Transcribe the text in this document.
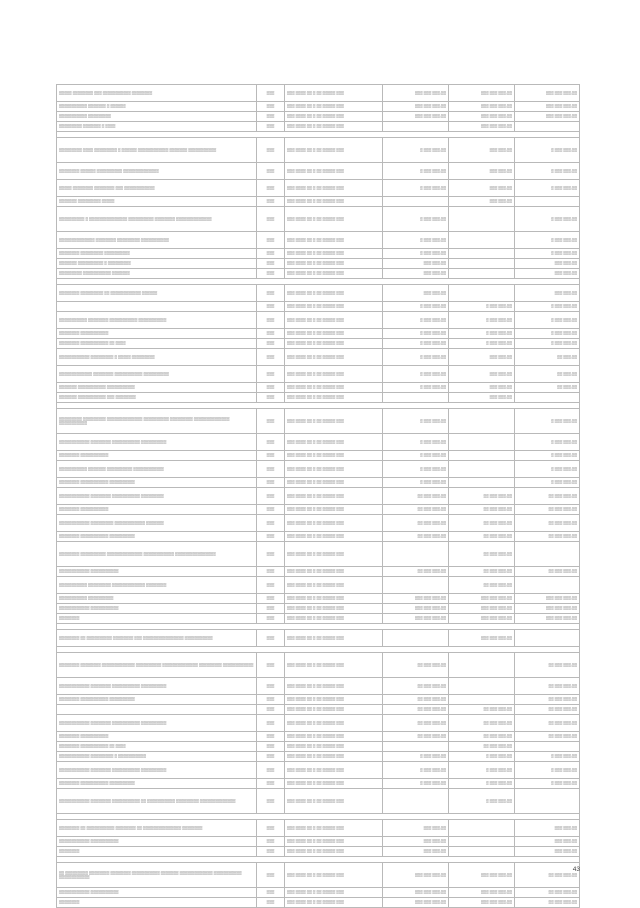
▒▒▒▒▒ ▒▒▒▒▒▒▒▒ ▒▒▒ ▒▒▒▒▒▒▒▒▒▒▒ ▒▒▒▒▒▒▒▒	▒▒▒	▒▒▒ ▒▒▒▒ ▒▒ ▒ ▒▒ ▒▒▒▒▒ ▒▒▒	▒▒▒ ▒▒▒ ▒▒▒,▒▒	▒▒▒ ▒▒▒ ▒▒▒,▒▒	▒▒▒ ▒▒▒ ▒▒▒,▒▒
▒▒▒▒▒▒▒▒▒▒▒ ▒▒▒▒▒▒▒ ▒ ▒▒▒▒▒▒	▒▒▒	▒▒▒ ▒▒▒▒ ▒▒ ▒ ▒▒ ▒▒▒▒▒ ▒▒▒	▒▒▒ ▒▒▒ ▒▒▒,▒▒	▒▒▒ ▒▒▒ ▒▒▒,▒▒	▒▒▒ ▒▒▒ ▒▒▒,▒▒
▒▒▒▒▒▒▒▒▒▒▒ ▒▒▒▒▒▒▒▒▒	▒▒▒	▒▒▒ ▒▒▒▒ ▒▒ ▒ ▒▒ ▒▒▒▒▒ ▒▒▒	▒▒▒ ▒▒▒ ▒▒▒,▒▒	▒▒▒ ▒▒▒ ▒▒▒,▒▒	▒▒▒ ▒▒▒ ▒▒▒,▒▒
▒▒▒▒▒▒▒▒▒ ▒▒▒▒▒▒▒ ▒ ▒▒▒▒	▒▒▒	▒▒▒ ▒▒▒▒ ▒▒ ▒ ▒▒ ▒▒▒▒▒ ▒▒▒		▒▒▒ ▒▒▒ ▒▒▒,▒▒	

▒▒▒▒▒▒▒▒▒ ▒▒▒▒ ▒▒▒▒▒▒▒▒▒ ▒ ▒▒▒▒▒▒ ▒▒▒▒▒▒▒▒▒▒▒▒ ▒▒▒▒▒▒▒ ▒▒▒▒▒▒▒▒▒▒▒	▒▒▒	▒▒▒ ▒▒▒▒ ▒▒ ▒ ▒▒ ▒▒▒▒▒ ▒▒▒	▒ ▒▒▒ ▒▒▒,▒▒	▒▒▒ ▒▒▒,▒▒	▒ ▒▒▒ ▒▒▒,▒▒
▒▒▒▒▒▒▒▒ ▒▒▒▒▒▒ ▒▒▒▒▒▒▒▒▒▒ ▒▒▒▒▒▒▒▒▒▒▒▒▒▒	▒▒▒	▒▒▒ ▒▒▒▒ ▒▒ ▒ ▒▒ ▒▒▒▒▒ ▒▒▒	▒ ▒▒▒ ▒▒▒,▒▒	▒▒▒ ▒▒▒,▒▒	▒ ▒▒▒ ▒▒▒,▒▒
▒▒▒▒▒ ▒▒▒▒▒▒▒▒ ▒▒▒▒▒▒▒▒ ▒▒▒ ▒▒▒▒▒▒▒▒▒▒▒▒	▒▒▒	▒▒▒ ▒▒▒▒ ▒▒ ▒ ▒▒ ▒▒▒▒▒ ▒▒▒	▒ ▒▒▒ ▒▒▒,▒▒	▒▒▒ ▒▒▒,▒▒	▒ ▒▒▒ ▒▒▒,▒▒
▒▒▒▒▒▒▒ ▒▒▒▒▒▒▒▒▒ ▒▒▒▒▒	▒▒▒	▒▒▒ ▒▒▒▒ ▒▒ ▒ ▒▒ ▒▒▒▒▒ ▒▒▒		▒▒▒ ▒▒▒,▒▒	
▒▒▒▒▒▒▒▒▒▒ ▒ ▒▒▒▒▒▒▒▒▒▒▒▒▒▒▒ ▒▒▒▒▒▒▒▒▒▒ ▒▒▒▒▒▒▒▒ ▒▒▒▒▒▒▒▒▒▒▒▒▒▒	▒▒▒	▒▒▒ ▒▒▒▒ ▒▒ ▒ ▒▒ ▒▒▒▒▒ ▒▒▒	▒ ▒▒▒ ▒▒▒,▒▒		▒ ▒▒▒ ▒▒▒,▒▒
▒▒▒▒▒▒▒▒▒▒▒▒▒▒ ▒▒▒▒▒▒▒▒ ▒▒▒▒▒▒▒▒▒ ▒▒▒▒▒▒▒▒▒▒▒	▒▒▒	▒▒▒ ▒▒▒▒ ▒▒ ▒ ▒▒ ▒▒▒▒▒ ▒▒▒	▒ ▒▒▒ ▒▒▒,▒▒		▒ ▒▒▒ ▒▒▒,▒▒
▒▒▒▒▒▒▒▒ ▒▒▒▒▒▒▒▒▒ ▒▒▒▒▒▒▒▒▒▒	▒▒▒	▒▒▒ ▒▒▒▒ ▒▒ ▒ ▒▒ ▒▒▒▒▒ ▒▒▒	▒ ▒▒▒ ▒▒▒,▒▒		▒ ▒▒▒ ▒▒▒,▒▒
▒▒▒▒▒▒▒ ▒▒▒▒▒▒▒▒▒▒ ▒ ▒▒▒▒▒▒▒▒▒	▒▒▒	▒▒▒ ▒▒▒▒ ▒▒ ▒ ▒▒ ▒▒▒▒▒ ▒▒▒	▒▒▒ ▒▒▒,▒▒		▒▒▒ ▒▒▒,▒▒
▒▒▒▒▒▒▒▒▒ ▒▒▒▒▒▒▒▒▒▒▒ ▒▒▒▒▒▒▒	▒▒▒	▒▒▒ ▒▒▒▒ ▒▒ ▒ ▒▒ ▒▒▒▒▒ ▒▒▒	▒▒▒ ▒▒▒,▒▒		▒▒▒ ▒▒▒,▒▒

▒▒▒▒▒▒▒▒ ▒▒▒▒▒▒▒▒▒ ▒▒ ▒▒▒▒▒▒▒▒▒▒▒▒ ▒▒▒▒▒▒	▒▒▒	▒▒▒ ▒▒▒▒ ▒▒ ▒ ▒▒ ▒▒▒▒▒ ▒▒▒	▒▒▒ ▒▒▒,▒▒		▒▒▒ ▒▒▒,▒▒
	▒▒▒	▒▒▒ ▒▒▒▒ ▒▒ ▒ ▒▒ ▒▒▒▒▒ ▒▒▒	▒ ▒▒▒ ▒▒▒,▒▒	▒ ▒▒▒ ▒▒▒,▒▒	▒ ▒▒▒ ▒▒▒,▒▒
▒▒▒▒▒▒▒▒▒▒▒ ▒▒▒▒▒▒▒▒ ▒▒▒▒▒▒▒▒▒▒▒ ▒▒▒▒▒▒▒▒▒▒▒	▒▒▒	▒▒▒ ▒▒▒▒ ▒▒ ▒ ▒▒ ▒▒▒▒▒ ▒▒▒	▒ ▒▒▒ ▒▒▒,▒▒	▒ ▒▒▒ ▒▒▒,▒▒	▒ ▒▒▒ ▒▒▒,▒▒
▒▒▒▒▒▒▒▒ ▒▒▒▒▒▒▒▒▒▒▒	▒▒▒	▒▒▒ ▒▒▒▒ ▒▒ ▒ ▒▒ ▒▒▒▒▒ ▒▒▒	▒ ▒▒▒ ▒▒▒,▒▒	▒ ▒▒▒ ▒▒▒,▒▒	▒ ▒▒▒ ▒▒▒,▒▒
▒▒▒▒▒▒▒▒ ▒▒▒▒▒▒▒▒▒▒▒ ▒▒ ▒▒▒▒	▒▒▒	▒▒▒ ▒▒▒▒ ▒▒ ▒ ▒▒ ▒▒▒▒▒ ▒▒▒	▒ ▒▒▒ ▒▒▒,▒▒	▒ ▒▒▒ ▒▒▒,▒▒	▒ ▒▒▒ ▒▒▒,▒▒
▒▒▒▒▒▒▒▒▒▒▒▒ ▒▒▒▒▒▒▒▒▒ ▒ ▒▒▒▒▒ ▒▒▒▒▒▒▒▒▒	▒▒▒	▒▒▒ ▒▒▒▒ ▒▒ ▒ ▒▒ ▒▒▒▒▒ ▒▒▒	▒ ▒▒▒ ▒▒▒,▒▒	▒▒▒ ▒▒▒,▒▒	▒▒ ▒▒▒,▒▒
▒▒▒▒▒▒▒▒▒▒▒▒▒ ▒▒▒▒▒▒▒▒ ▒▒▒▒▒▒▒▒▒▒▒ ▒▒▒▒▒▒▒▒▒▒	▒▒▒	▒▒▒ ▒▒▒▒ ▒▒ ▒ ▒▒ ▒▒▒▒▒ ▒▒▒	▒ ▒▒▒ ▒▒▒,▒▒	▒▒▒ ▒▒▒,▒▒	▒▒ ▒▒▒,▒▒
▒▒▒▒▒▒▒ ▒▒▒▒▒▒▒▒▒▒▒ ▒▒▒▒▒▒▒▒▒▒▒	▒▒▒	▒▒▒ ▒▒▒▒ ▒▒ ▒ ▒▒ ▒▒▒▒▒ ▒▒▒	▒ ▒▒▒ ▒▒▒,▒▒	▒▒▒ ▒▒▒,▒▒	▒▒ ▒▒▒,▒▒
▒▒▒▒▒▒▒ ▒▒▒▒▒▒▒▒▒▒▒ ▒▒▒ ▒▒▒▒▒▒▒▒	▒▒▒	▒▒▒ ▒▒▒▒ ▒▒ ▒ ▒▒ ▒▒▒▒▒ ▒▒▒		▒▒▒ ▒▒▒,▒▒	

▒▒▒▒▒▒▒▒▒ ▒▒▒▒▒▒▒▒▒ ▒▒▒▒▒▒▒▒▒▒▒▒▒▒ ▒▒▒▒▒▒▒▒▒▒ ▒▒▒▒▒▒▒▒▒ ▒▒▒▒▒▒▒▒▒▒▒▒▒▒ ▒▒▒▒▒▒▒▒▒▒▒	▒▒▒	▒▒▒ ▒▒▒▒ ▒▒ ▒ ▒▒ ▒▒▒▒▒ ▒▒▒	▒ ▒▒▒ ▒▒▒,▒▒		▒ ▒▒▒ ▒▒▒,▒▒
▒▒▒▒▒▒▒▒▒▒▒▒ ▒▒▒▒▒▒▒▒ ▒▒▒▒▒▒▒▒▒▒▒ ▒▒▒▒▒▒▒▒▒▒	▒▒▒	▒▒▒ ▒▒▒▒ ▒▒ ▒ ▒▒ ▒▒▒▒▒ ▒▒▒	▒ ▒▒▒ ▒▒▒,▒▒		▒ ▒▒▒ ▒▒▒,▒▒
▒▒▒▒▒▒▒▒ ▒▒▒▒▒▒▒▒▒▒▒	▒▒▒	▒▒▒ ▒▒▒▒ ▒▒ ▒ ▒▒ ▒▒▒▒▒ ▒▒▒	▒ ▒▒▒ ▒▒▒,▒▒		▒ ▒▒▒ ▒▒▒,▒▒
▒▒▒▒▒▒▒▒▒▒▒ ▒▒▒▒▒▒▒ ▒▒▒▒▒▒▒▒▒▒ ▒▒▒▒▒▒▒▒▒▒▒▒	▒▒▒	▒▒▒ ▒▒▒▒ ▒▒ ▒ ▒▒ ▒▒▒▒▒ ▒▒▒	▒ ▒▒▒ ▒▒▒,▒▒		▒ ▒▒▒ ▒▒▒,▒▒
▒▒▒▒▒▒▒▒ ▒▒▒▒▒▒▒▒▒▒▒ ▒▒▒▒▒▒▒▒▒▒	▒▒▒	▒▒▒ ▒▒▒▒ ▒▒ ▒ ▒▒ ▒▒▒▒▒ ▒▒▒	▒ ▒▒▒ ▒▒▒,▒▒		▒ ▒▒▒ ▒▒▒,▒▒
▒▒▒▒▒▒▒▒▒▒▒▒ ▒▒▒▒▒▒▒▒ ▒▒▒▒▒▒▒▒▒▒▒ ▒▒▒▒▒▒▒▒▒	▒▒▒	▒▒▒ ▒▒▒▒ ▒▒ ▒ ▒▒ ▒▒▒▒▒ ▒▒▒	▒▒ ▒▒▒ ▒▒▒,▒▒	▒▒ ▒▒▒ ▒▒▒,▒▒	▒▒ ▒▒▒ ▒▒▒,▒▒
▒▒▒▒▒▒▒▒ ▒▒▒▒▒▒▒▒▒▒▒	▒▒▒	▒▒▒ ▒▒▒▒ ▒▒ ▒ ▒▒ ▒▒▒▒▒ ▒▒▒	▒▒ ▒▒▒ ▒▒▒,▒▒	▒▒ ▒▒▒ ▒▒▒,▒▒	▒▒ ▒▒▒ ▒▒▒,▒▒
▒▒▒▒▒▒▒▒▒▒▒▒ ▒▒▒▒▒▒▒▒▒ ▒▒▒▒▒▒▒▒▒▒▒▒ ▒▒▒▒▒▒▒	▒▒▒	▒▒▒ ▒▒▒▒ ▒▒ ▒ ▒▒ ▒▒▒▒▒ ▒▒▒	▒▒ ▒▒▒ ▒▒▒,▒▒	▒▒ ▒▒▒ ▒▒▒,▒▒	▒▒ ▒▒▒ ▒▒▒,▒▒
▒▒▒▒▒▒▒▒ ▒▒▒▒▒▒▒▒▒▒▒ ▒▒▒▒▒▒▒▒▒▒	▒▒▒	▒▒▒ ▒▒▒▒ ▒▒ ▒ ▒▒ ▒▒▒▒▒ ▒▒▒	▒▒ ▒▒▒ ▒▒▒,▒▒	▒▒ ▒▒▒ ▒▒▒,▒▒	▒▒ ▒▒▒ ▒▒▒,▒▒
▒▒▒▒▒▒▒▒ ▒▒▒▒▒▒▒▒▒▒ ▒▒▒▒▒▒▒▒▒▒▒▒▒▒ ▒▒▒▒▒▒▒▒▒▒▒▒ ▒▒▒▒▒▒▒▒▒▒▒▒▒▒▒▒	▒▒▒	▒▒▒ ▒▒▒▒ ▒▒ ▒ ▒▒ ▒▒▒▒▒ ▒▒▒		▒▒ ▒▒▒ ▒▒▒,▒▒	
▒▒▒▒▒▒▒▒▒▒▒▒ ▒▒▒▒▒▒▒▒▒▒▒	▒▒▒	▒▒▒ ▒▒▒▒ ▒▒ ▒ ▒▒ ▒▒▒▒▒ ▒▒▒	▒▒ ▒▒▒ ▒▒▒,▒▒	▒▒ ▒▒▒ ▒▒▒,▒▒	▒▒ ▒▒▒ ▒▒▒,▒▒
▒▒▒▒▒▒▒▒▒▒▒ ▒▒▒▒▒▒▒▒▒ ▒▒▒▒▒▒▒▒▒▒▒▒▒ ▒▒▒▒▒▒▒▒	▒▒▒	▒▒▒ ▒▒▒▒ ▒▒ ▒ ▒▒ ▒▒▒▒▒ ▒▒▒		▒▒ ▒▒▒ ▒▒▒,▒▒	
▒▒▒▒▒▒▒▒▒▒▒ ▒▒▒▒▒▒▒▒▒▒	▒▒▒	▒▒▒ ▒▒▒▒ ▒▒ ▒ ▒▒ ▒▒▒▒▒ ▒▒▒	▒▒▒ ▒▒▒ ▒▒▒,▒▒	▒▒▒ ▒▒▒ ▒▒▒,▒▒	▒▒▒ ▒▒▒ ▒▒▒,▒▒
▒▒▒▒▒▒▒▒▒▒▒▒ ▒▒▒▒▒▒▒▒▒▒▒	▒▒▒	▒▒▒ ▒▒▒▒ ▒▒ ▒ ▒▒ ▒▒▒▒▒ ▒▒▒	▒▒▒ ▒▒▒ ▒▒▒,▒▒	▒▒▒ ▒▒▒ ▒▒▒,▒▒	▒▒▒ ▒▒▒ ▒▒▒,▒▒
▒▒▒▒▒▒▒▒	▒▒▒	▒▒▒ ▒▒▒▒ ▒▒ ▒ ▒▒ ▒▒▒▒▒ ▒▒▒	▒▒▒ ▒▒▒ ▒▒▒,▒▒	▒▒▒ ▒▒▒ ▒▒▒,▒▒	▒▒▒ ▒▒▒ ▒▒▒,▒▒

▒▒▒▒▒▒▒▒ ▒▒ ▒▒▒▒▒▒▒▒▒▒ ▒▒▒▒▒▒▒▒ ▒▒▒ ▒▒▒▒▒▒▒▒▒▒▒▒▒▒▒▒ ▒▒▒▒▒▒▒▒▒▒▒	▒▒▒	▒▒▒ ▒▒▒▒ ▒▒ ▒ ▒▒ ▒▒▒▒▒ ▒▒▒		▒▒▒ ▒▒▒ ▒▒▒,▒▒	

▒▒▒▒▒▒▒▒ ▒▒▒▒▒▒▒▒ ▒▒▒▒▒▒▒▒▒▒▒▒▒ ▒▒▒▒▒▒▒▒▒▒ ▒▒▒▒▒▒▒▒▒▒▒▒▒▒ ▒▒▒▒▒▒▒▒▒ ▒▒▒▒▒▒▒▒▒▒▒▒	▒▒▒	▒▒▒ ▒▒▒▒ ▒▒ ▒ ▒▒ ▒▒▒▒▒ ▒▒▒	▒▒ ▒▒▒ ▒▒▒,▒▒		▒▒ ▒▒▒ ▒▒▒,▒▒
▒▒▒▒▒▒▒▒▒▒▒▒ ▒▒▒▒▒▒▒▒ ▒▒▒▒▒▒▒▒▒▒▒ ▒▒▒▒▒▒▒▒▒▒	▒▒▒	▒▒▒ ▒▒▒▒ ▒▒ ▒ ▒▒ ▒▒▒▒▒ ▒▒▒	▒▒ ▒▒▒ ▒▒▒,▒▒		▒▒ ▒▒▒ ▒▒▒,▒▒
▒▒▒▒▒▒▒▒ ▒▒▒▒▒▒▒▒▒▒▒ ▒▒▒▒▒▒▒▒▒▒	▒▒▒	▒▒▒ ▒▒▒▒ ▒▒ ▒ ▒▒ ▒▒▒▒▒ ▒▒▒	▒▒ ▒▒▒ ▒▒▒,▒▒		▒▒ ▒▒▒ ▒▒▒,▒▒
	▒▒▒	▒▒▒ ▒▒▒▒ ▒▒ ▒ ▒▒ ▒▒▒▒▒ ▒▒▒	▒▒ ▒▒▒ ▒▒▒,▒▒	▒▒ ▒▒▒ ▒▒▒,▒▒	▒▒ ▒▒▒ ▒▒▒,▒▒
▒▒▒▒▒▒▒▒▒▒▒▒ ▒▒▒▒▒▒▒▒ ▒▒▒▒▒▒▒▒▒▒▒ ▒▒▒▒▒▒▒▒▒▒	▒▒▒	▒▒▒ ▒▒▒▒ ▒▒ ▒ ▒▒ ▒▒▒▒▒ ▒▒▒	▒▒ ▒▒▒ ▒▒▒,▒▒	▒▒ ▒▒▒ ▒▒▒,▒▒	▒▒ ▒▒▒ ▒▒▒,▒▒
▒▒▒▒▒▒▒▒ ▒▒▒▒▒▒▒▒▒▒▒	▒▒▒	▒▒▒ ▒▒▒▒ ▒▒ ▒ ▒▒ ▒▒▒▒▒ ▒▒▒	▒▒ ▒▒▒ ▒▒▒,▒▒	▒▒ ▒▒▒ ▒▒▒,▒▒	▒▒ ▒▒▒ ▒▒▒,▒▒
▒▒▒▒▒▒▒▒ ▒▒▒▒▒▒▒▒▒▒▒ ▒▒ ▒▒▒▒	▒▒▒	▒▒▒ ▒▒▒▒ ▒▒ ▒ ▒▒ ▒▒▒▒▒ ▒▒▒		▒▒ ▒▒▒ ▒▒▒,▒▒	
▒▒▒▒▒▒▒▒▒▒▒▒ ▒▒▒▒▒▒▒▒▒ ▒ ▒▒▒▒▒▒▒▒▒▒▒	▒▒▒	▒▒▒ ▒▒▒▒ ▒▒ ▒ ▒▒ ▒▒▒▒▒ ▒▒▒	▒ ▒▒▒ ▒▒▒,▒▒	▒ ▒▒▒ ▒▒▒,▒▒	▒ ▒▒▒ ▒▒▒,▒▒
▒▒▒▒▒▒▒▒▒▒▒▒ ▒▒▒▒▒▒▒▒ ▒▒▒▒▒▒▒▒▒▒▒ ▒▒▒▒▒▒▒▒▒▒	▒▒▒	▒▒▒ ▒▒▒▒ ▒▒ ▒ ▒▒ ▒▒▒▒▒ ▒▒▒	▒ ▒▒▒ ▒▒▒,▒▒	▒ ▒▒▒ ▒▒▒,▒▒	▒ ▒▒▒ ▒▒▒,▒▒
▒▒▒▒▒▒▒▒ ▒▒▒▒▒▒▒▒▒▒▒ ▒▒▒▒▒▒▒▒▒▒	▒▒▒	▒▒▒ ▒▒▒▒ ▒▒ ▒ ▒▒ ▒▒▒▒▒ ▒▒▒	▒ ▒▒▒ ▒▒▒,▒▒	▒ ▒▒▒ ▒▒▒,▒▒	▒ ▒▒▒ ▒▒▒,▒▒
▒▒▒▒▒▒▒▒▒▒▒▒ ▒▒▒▒▒▒▒▒ ▒▒▒▒▒▒▒▒▒▒▒ ▒▒ ▒▒▒▒▒▒▒▒▒▒▒ ▒▒▒▒▒▒▒▒▒ ▒▒▒▒▒▒▒▒▒▒▒▒▒▒	▒▒▒	▒▒▒ ▒▒▒▒ ▒▒ ▒ ▒▒ ▒▒▒▒▒ ▒▒▒		▒ ▒▒▒ ▒▒▒,▒▒	

▒▒▒▒▒▒▒▒ ▒▒ ▒▒▒▒▒▒▒▒▒▒▒ ▒▒▒▒▒▒▒▒ ▒▒ ▒▒▒▒▒▒▒▒▒▒▒▒▒▒▒ ▒▒▒▒▒▒▒▒	▒▒▒	▒▒▒ ▒▒▒▒ ▒▒ ▒ ▒▒ ▒▒▒▒▒ ▒▒▒	▒▒▒ ▒▒▒,▒▒		▒▒▒ ▒▒▒,▒▒
▒▒▒▒▒▒▒▒▒▒▒▒ ▒▒▒▒▒▒▒▒▒▒▒	▒▒▒	▒▒▒ ▒▒▒▒ ▒▒ ▒ ▒▒ ▒▒▒▒▒ ▒▒▒	▒▒▒ ▒▒▒,▒▒		▒▒▒ ▒▒▒,▒▒
▒▒▒▒▒▒▒▒	▒▒▒	▒▒▒ ▒▒▒▒ ▒▒ ▒ ▒▒ ▒▒▒▒▒ ▒▒▒	▒▒▒ ▒▒▒,▒▒		▒▒▒ ▒▒▒,▒▒

▒▒ ▒▒▒▒▒▒▒▒▒ ▒▒▒▒▒▒▒▒ ▒▒▒▒▒▒▒▒ ▒▒▒▒▒▒▒▒▒▒▒ ▒▒▒▒▒▒▒ ▒▒▒▒▒▒▒▒▒▒▒▒▒ ▒▒▒▒▒▒▒▒▒▒▒ ▒▒▒▒▒▒▒▒▒▒▒▒	▒▒▒	▒▒▒ ▒▒▒▒ ▒▒ ▒ ▒▒ ▒▒▒▒▒ ▒▒▒	▒▒▒ ▒▒▒ ▒▒▒,▒▒	▒▒▒ ▒▒▒ ▒▒▒,▒▒	▒▒ ▒▒▒ ▒▒▒,▒▒
▒▒▒▒▒▒▒▒▒▒▒▒ ▒▒▒▒▒▒▒▒▒▒▒	▒▒▒	▒▒▒ ▒▒▒▒ ▒▒ ▒ ▒▒ ▒▒▒▒▒ ▒▒▒	▒▒▒ ▒▒▒ ▒▒▒,▒▒	▒▒▒ ▒▒▒ ▒▒▒,▒▒	▒▒ ▒▒▒ ▒▒▒,▒▒
▒▒▒▒▒▒▒▒	▒▒▒	▒▒▒ ▒▒▒▒ ▒▒ ▒ ▒▒ ▒▒▒▒▒ ▒▒▒	▒▒▒ ▒▒▒ ▒▒▒,▒▒	▒▒▒ ▒▒▒ ▒▒▒,▒▒	▒▒ ▒▒▒ ▒▒▒,▒▒
43
